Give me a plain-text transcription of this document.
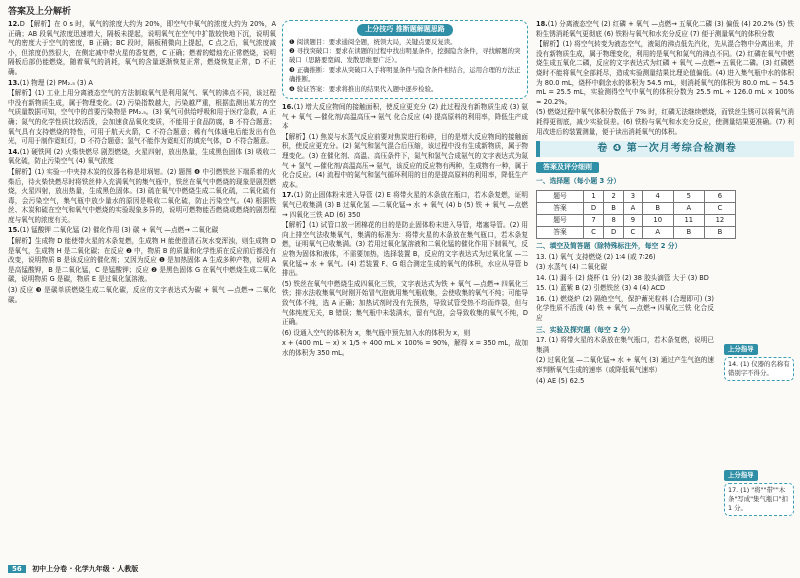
答案及上分解析
12.D 【解析】在 0 s 时，氧气的浓度大约为 20%，即空气中氧气的浓度大约为 20%，A 正确；AB 段氧气浓度迅速增大，隔板未提起，说明氧气在空气中扩散较快地下沉，说明氧气的密度大于空气的密度，B 正确；BC 段时，隔板稍微向上提起，C 点之后，氧气浓度减小，但浓度仍然很大，在侧定减中带火星的香复燃，C 正确；燃着的蜡烛充正常燃烧，说明隔板后部仍能燃烧，随着氧气的消耗，氧气的含量逐渐恢复正常，燃烧恢复正常，D 不正确。
13.(1) 物理 (2) PM₂.₅ (3) A
【解析】(1) 工业上用分离液态空气的方法制取氧气是利用氮气、氧气的沸点不同，该过程中没有新物质生成，属于物理变化。(2) 污染指数越大，污染越严重，根据监测出某方的空气质量数据可知，空气中的首要污染物是 PM₂.₅。(3) 氧气可供给呼吸和用于医疗急救，A 正确；氮气的化学性质比较活泼，会加速食品氧化变质，不能用于食品防腐，B 不符合题意；氧气具有支持燃烧的特性，可用于航天火箭，C 不符合题意；稀有气体通电后能发出有色光，可用于制作霓虹灯，D 不符合题意；氢气不能作为霓虹灯的填充气体，D 不符合题意。
14.(1) 硬铁网 (2) 火柴快燃尽 剧烈燃烧，火星四射，放出热量，生成黑色固体 (3) 吸收二氧化硫，防止污染空气 (4) 氧气浓度
【解析】(1) 实验一中夹持木炭的仪器名称是坩埚钳。(2) 题图 ❹ 中引燃铁丝下端系着的火柴后，待火柴快燃尽时将铁丝伸入充满氧气的集气瓶中，铁丝在氧气中燃烧的现象是剧烈燃烧，火星四射，放出热量，生成黑色固体。(3) 硫在氧气中燃烧生成二氧化硫，二氧化硫有毒，会污染空气，集气瓶中放少量水的原因是吸收二氧化硫，防止污染空气。(4) 根据铁丝、木炭和硫在空气和氧气中燃烧的实验现象多异的，说明可燃物能否燃烧或燃烧的剧烈程度与氧气的浓度有关。
15.(1) 锰酸钾 二氧化锰 (2) 催化作用 (3) 碳 + 氧气 —点燃→ 二氧化碳
【解析】生成物 D 能使带火星的木条复燃，生成物 H 能使澄清石灰水变浑浊，则生成物 D 是氧气，生成物 H 是二氧化碳；在反应 ❷ 中，物质 B 的质量和化学性质在反应前后都没有改变，说明物质 B 是该反应的催化剂；又因为反应 ❶ 是加热固体 A 生成多种产物，说明 A 是高锰酸钾，B 是二氧化锰，C 是锰酸钾；反应 ❷ 是黑色固体 G 在氧气中燃烧生成二氧化碳，说明物质 G 是碳，物质 E 是过氧化氢溶液。
(3) 反应 ❸ 是碳单质燃烧生成二氧化碳，反应的文字表达式为碳 + 氧气 —点燃→ 二氧化碳。
上分技巧 推断题解题思路
❶ 阅读题目：要求通阅全题，统领大局，关键点要反复读。
❷ 寻找突破口：要求在读题的过程中找出明显条件，挖掘隐含条件，寻找解题的突破口（思路要宽阔、发散思维要广泛）。
❸ 正确推断：要求从突破口入手将明显条件与隐含条件相结合，运用合理的方法正确推断。
❹ 验证答案：要求将推出的结果代入题中逐步检验。
16.(1) 增大反应物间的接触面积，使反应更充分 (2) 此过程没有新物质生成 (3) 氨气 + 氧气 —催化剂/高温高压→ 氨气 化合反应 (4) 提高原料的利用率，降低生产成本
【解析】(1) 焦炭与水蒸气反应前要对焦炭进行粉碎，目的是增大反应物间的接触面积，使反应更充分。(2) 氮气和氢气混合后压缩，该过程中没有生成新物质，属于物理变化。(3) 在催化剂、高温、高压条件下，氮气和氢气合成氨气的文字表达式为氮气 + 氢气 —催化剂/高温高压→ 氨气，该反应的反应物有两种，生成物有一种，属于化合反应。(4) 流程中的氮气和氢气循环利用的目的是提高原料的利用率，降低生产成本。
17.(1) 防止固体粉末进入导管 (2) E 将带火星的木条放在瓶口，若木条复燃，证明氧气已收集满 (3) B 过氧化氢 —二氧化锰→ 水 + 氧气 (4) b (5) 铁 + 氧气 —点燃→ 四氧化三铁 AD (6) 350
【解析】(1) 试管口放一团棉花的目的是防止固体粉末进入导管，堵塞导管。(2) 用向上排空气法收集氧气，集满的标准为：将带火星的木条放在集气瓶口，若木条复燃，证明氧气已收集满。(3) 若用过氧化氢溶液和二氧化锰的催化作用下制氧气，反应物为固体和液体，不需要加热，选择装置 B，反应的文字表达式为过氧化氢 —二氧化锰→ 水 + 氧气。(4) 若装置 F、G 组合测定生成的氧气的体积，水应从导管 b 排出。
(5) 铁丝在氧气中燃烧生成四氧化三铁，文字表达式为铁 + 氧气 —点燃→ 四氧化三铁；排水法收集氧气时刚开始冒气泡就用集气瓶收集，会使收集的氧气不纯；可能导致气体不纯，选 A 正确；加热试剂时没有先预热，导致试管受热不均而炸裂，但与气体纯度无关，B 错误；集气瓶中未装满水，留有气泡，会导致收集的氧气不纯，D 正确。
(6) 设通入空气的体积为 x，集气瓶中预先加入水的体积为 x，则
x + (400 mL − x) × 1/5 ÷ 400 mL × 100% = 90%，解得 x = 350 mL，故加水的体积为 350 mL。
18.(1) 分离液态空气 (2) 红磷 + 氧气 —点燃→ 五氧化二磷 (3) 偏低 (4) 20.2% (5) 铁粉生锈消耗氧气更彻底 (6) 铁粉与氧气和水充分反应 (7) 便于测量氧气的体积分数
【解析】(1) 将空气转变为液态空气，液氮的沸点低先汽化，先从混合物中分离出来，并没有新物质生成，属于物理变化，利用的是氧气和氮气的沸点不同。(2) 红磷在氧气中燃烧生成五氧化二磷，反应的文字表达式为红磷 + 氧气 —点燃→ 五氧化二磷。(3) 红磷燃烧时不能将氧气全部耗尽，造成实验测量结果比理论值偏低。(4) 进入集气瓶中水的体积为 80.0 mL，烧杯中剩余水的体积为 54.5 mL，则消耗氧气的体积为 80.0 mL − 54.5 mL = 25.5 mL，实验测得空气中氧气的体积分数为 25.5 mL ÷ 126.0 mL × 100% ≈ 20.2%。
(5) 燃烧过程中氧气体积分数低于 7% 时，红磷无法继续燃烧，而铁丝生锈可以将氧气消耗得更彻底，减少实验误差。(6) 铁粉与氧气和水充分反应，使测量结果更准确。(7) 利用改进后的装置测量，便于读出消耗氧气的体积。
卷 ❹ 第一次月考综合检测卷
答案及评分细则
一、选择题（每小题 3 分）
题号	1	2	3	4	5	6
答案	D	B	A	B	A	C
题号	7	8	9	10	11	12
答案	C	D	C	A	B	B
二、填空及简答题（除特殊标注外，每空 2 分）
13. (1) 氧气 支持燃烧 (2) 1∶4 (或 7∶26)
(3) 水蒸气 (4) 二氧化碳
14. (1) 漏斗 (2) 烧杯 (1 分) (2) 38 胶头滴管 大于 (3) BD
15. (1) 蓝紫 B (2) 引燃铁丝 (3) 4 (4) ACD
16. (1) 燃烧炉 (2) 隔绝空气，保护蓄光粒料 (合理即可) (3) 化学性质不活泼 (4) 铁 + 氧气 —点燃→ 四氧化三铁 化合反应
三、实验及探究题（每空 2 分）
17. (1) 将带火星的木条放在集气瓶口，若木条复燃，说明已集满
(2) 过氧化氢 —二氧化锰→ 水 + 氧气 (3) 通过产生气泡的速率判断氧气生成的速率（或降低氧气速率）
(4) AE (5) 62.5
上分指导
14. (1) 仪器的名称有错别字不得分。
上分指导
17. (1) "将""带""木条"写成"集气瓶口"扣 1 分。
56 初中上分卷 · 化学九年级 · 人教版
